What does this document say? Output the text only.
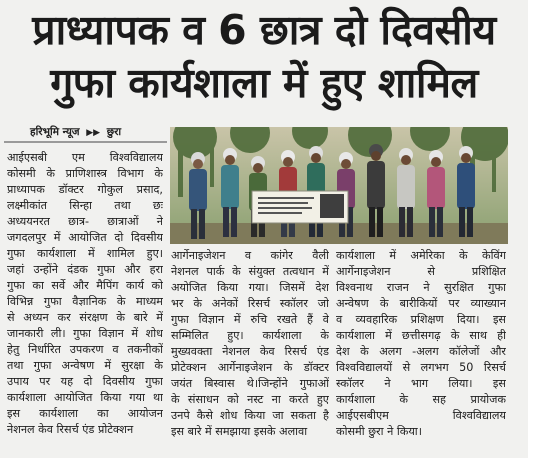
प्राध्यापक व 6 छात्र दो दिवसीय
गुफा कार्यशाला में हुए शामिल
हरिभूमि न्यूज ▶▶ छुरा
आईएसबी एम विश्वविद्यालय
कोसमी के प्राणिशास्त्र विभाग के
प्राध्यापक डॉक्टर गोकुल प्रसाद,
लक्ष्मीकांत सिन्हा तथा छः
अध्ययनरत छात्र- छात्राओं ने
जगदलपुर में आयोजित दो दिवसीय
गुफा कार्यशाला में शामिल हुए।
जहां उन्होंने दंडक गुफा और हरा
गुफा का सर्वे और मैपिंग कार्य को
विभिन्न गुफा वैज्ञानिक के माध्यम
से अध्यन कर संरक्षण के बारे में
जानकारी ली। गुफा विज्ञान में शोध
हेतु निर्धारित उपकरण व तकनीकों
तथा गुफा अन्वेषण में सुरक्षा के
उपाय पर यह दो दिवसीय गुफा
कार्यशाला आयोजित किया गया था
इस कार्यशाला का आयोजन
नेशनल केव रिसर्च एंड प्रोटेक्शन
आर्गेनाइजेशन व कांगेर वैली
नेशनल पार्क के संयुक्त तत्वधान में
अयोजित किया गया। जिसमें देश
भर के अनेकों रिसर्च स्कॉलर जो
गुफा विज्ञान में रुचि रखते हैं वे
सम्मिलित हुए। कार्यशाला के
मुख्यवक्ता नेशनल केव रिसर्च एंड
प्रोटेक्शन आर्गेनाइजेशन के डॉक्टर
जयंत बिस्वास थे।जिन्होंने गुफाओं
के संसाधन को नस्ट ना करते हुए
उनपे कैसे शोध किया जा सकता है
इस बारे में समझाया इसके अलावा
कार्यशाला में अमेरिका के केविंग
आर्गेनाइजेशन से प्रशिक्षित
विश्वनाथ राजन ने सुरक्षित गुफा
अन्वेषण के बारीकियों पर व्याख्यान
व व्यवहारिक प्रशिक्षण दिया। इस
कार्यशाला में छत्तीसगढ़ के साथ ही
देश के अलग -अलग कॉलेजों और
विश्वविद्यालयों से लगभग 50 रिसर्च
स्कॉलर ने भाग लिया। इस
कार्यशाला के सह प्रायोजक
आईएसबीएम विश्वविद्यालय
कोसमी छुरा ने किया।
